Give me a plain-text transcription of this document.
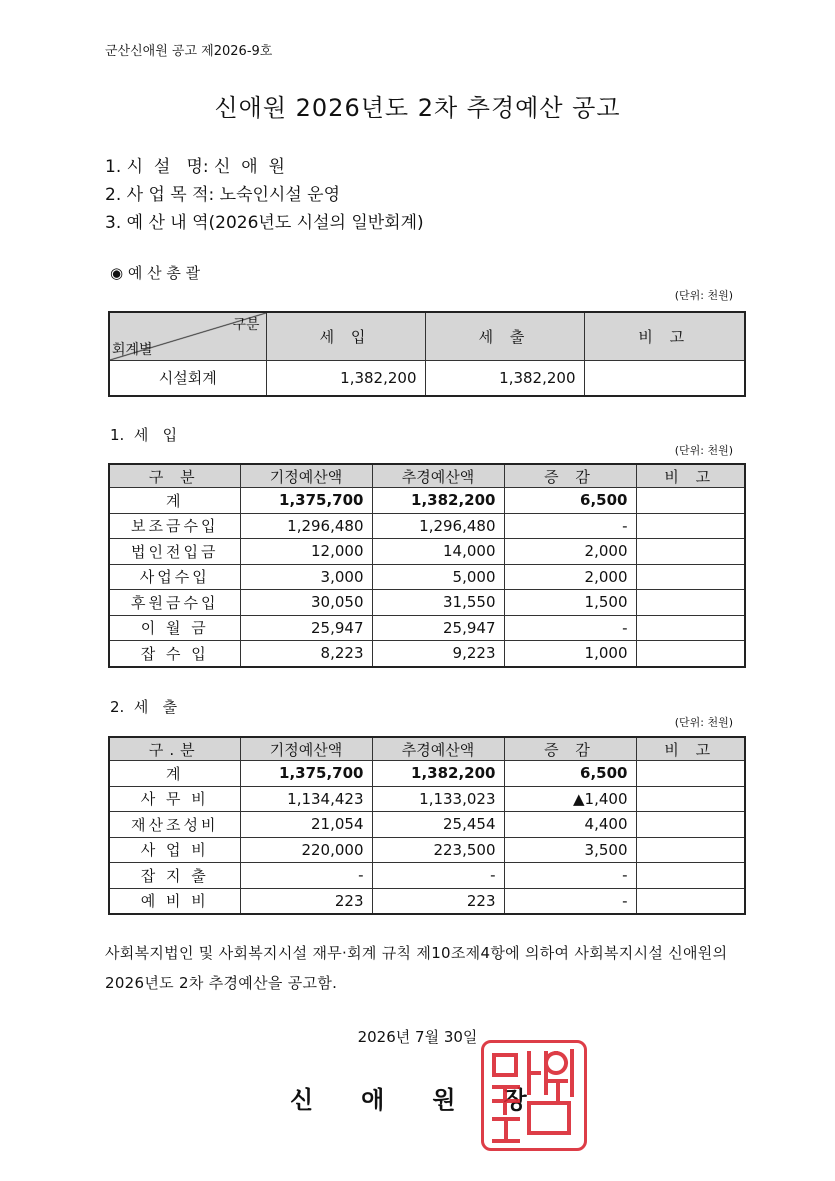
군산신애원 공고 제2026-9호
신애원 2026년도 2차 추경예산 공고
1. 시  설   명: 신  애  원
2. 사 업 목 적: 노숙인시설 운영
3. 예 산 내 역(2026년도 시설의 일반회계)
◉ 예 산 총 괄
(단위: 천원)
구분
회계별	세 입	세 출	비 고
시설회계	1,382,200	1,382,200	
1.  세   입
(단위: 천원)
구 분	기정예산액	추경예산액	증 감	비 고
계	1,375,700	1,382,200	6,500	
보조금수입	1,296,480	1,296,480	-	
법인전입금	12,000	14,000	2,000	
사업수입	3,000	5,000	2,000	
후원금수입	30,050	31,550	1,500	
이 월 금	25,947	25,947	-	
잡 수 입	8,223	9,223	1,000	
2.  세   출
(단위: 천원)
구.분	기정예산액	추경예산액	증 감	비 고
계	1,375,700	1,382,200	6,500	
사 무 비	1,134,423	1,133,023	▲1,400	
재산조성비	21,054	25,454	4,400	
사 업 비	220,000	223,500	3,500	
잡 지 출	-	-	-	
예 비 비	223	223	-	
사회복지법인 및 사회복지시설 재무·회계 규칙 제10조제4항에 의하여 사회복지시설 신애원의 2026년도 2차 추경예산을 공고함.
2026년 7월 30일
신애원장
